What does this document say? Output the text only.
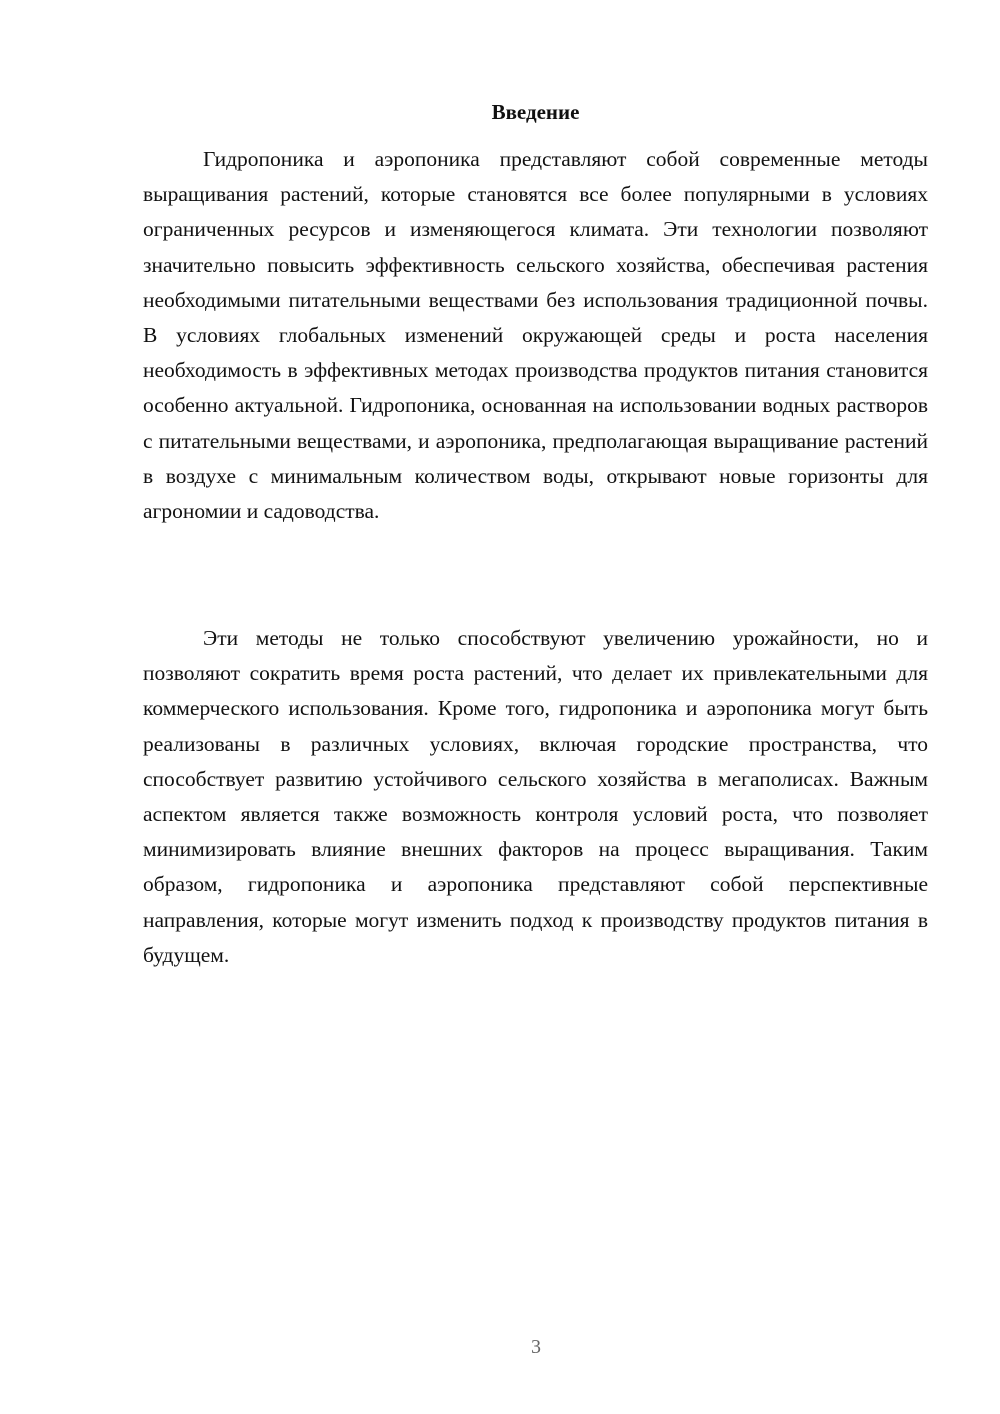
Введение

Гидропоника и аэропоника представляют собой современные методы выращивания растений, которые становятся все более популярными в условиях ограниченных ресурсов и изменяющегося климата. Эти технологии позволяют значительно повысить эффективность сельского хозяйства, обеспечивая растения необходимыми питательными веществами без использования традиционной почвы. В условиях глобальных изменений окружающей среды и роста населения необходимость в эффективных методах производства продуктов питания становится особенно актуальной. Гидропоника, основанная на использовании водных растворов с питательными веществами, и аэропоника, предполагающая выращивание растений в воздухе с минимальным количеством воды, открывают новые горизонты для агрономии и садоводства.

Эти методы не только способствуют увеличению урожайности, но и позволяют сократить время роста растений, что делает их привлекательными для коммерческого использования. Кроме того, гидропоника и аэропоника могут быть реализованы в различных условиях, включая городские пространства, что способствует развитию устойчивого сельского хозяйства в мегаполисах. Важным аспектом является также возможность контроля условий роста, что позволяет минимизировать влияние внешних факторов на процесс выращивания. Таким образом, гидропоника и аэропоника представляют собой перспективные направления, которые могут изменить подход к производству продуктов питания в будущем.

3
